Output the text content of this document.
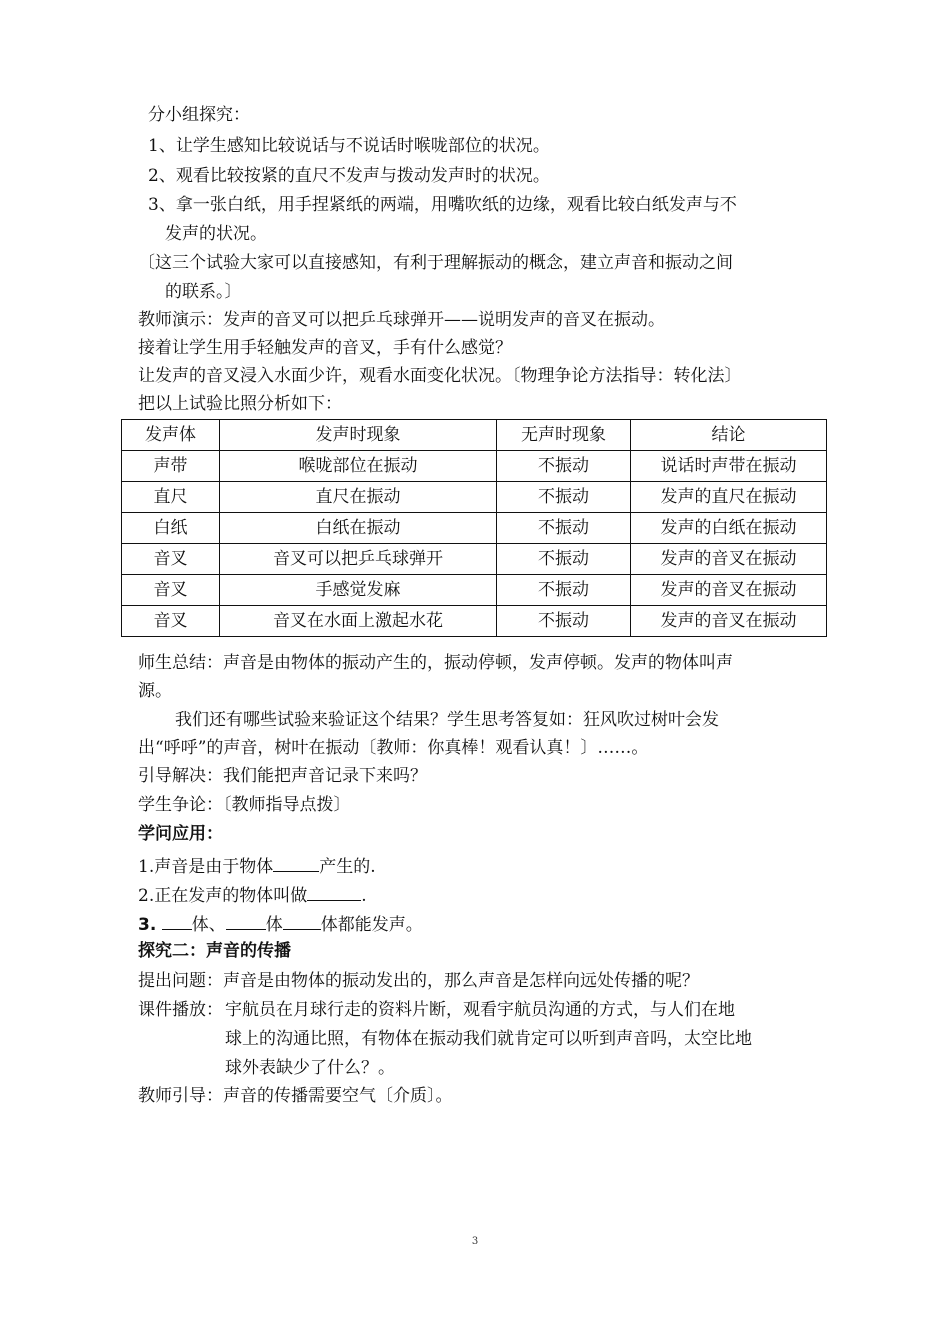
分小组探究：
1、让学生感知比较说话与不说话时喉咙部位的状况。
2、观看比较按紧的直尺不发声与拨动发声时的状况。
3、拿一张白纸，用手捏紧纸的两端，用嘴吹纸的边缘，观看比较白纸发声与不
发声的状况。
〔这三个试验大家可以直接感知，有利于理解振动的概念，建立声音和振动之间
的联系。〕
教师演示：发声的音叉可以把乒乓球弹开——说明发声的音叉在振动。
接着让学生用手轻触发声的音叉，手有什么感觉？
让发声的音叉浸入水面少许，观看水面变化状况。〔物理争论方法指导：转化法〕
把以上试验比照分析如下：
发声体	发声时现象	无声时现象	结论
声带	喉咙部位在振动	不振动	说话时声带在振动
直尺	直尺在振动	不振动	发声的直尺在振动
白纸	白纸在振动	不振动	发声的白纸在振动
音叉	音叉可以把乒乓球弹开	不振动	发声的音叉在振动
音叉	手感觉发麻	不振动	发声的音叉在振动
音叉	音叉在水面上激起水花	不振动	发声的音叉在振动
师生总结：声音是由物体的振动产生的，振动停顿，发声停顿。发声的物体叫声
源。
我们还有哪些试验来验证这个结果？学生思考答复如：狂风吹过树叶会发
出“呼呼”的声音，树叶在振动〔教师：你真棒！观看认真！〕……。
引导解决：我们能把声音记录下来吗？
学生争论：〔教师指导点拨〕
学问应用：
1.声音是由于物体	产生的.
2.正在发声的物体叫做	.
3. 体、 体 体都能发声。
探究二：声音的传播
提出问题：声音是由物体的振动发出的，那么声音是怎样向远处传播的呢？
课件播放： 宇航员在月球行走的资料片断，观看宇航员沟通的方式，与人们在地
球上的沟通比照，有物体在振动我们就肯定可以听到声音吗，太空比地
球外表缺少了什么？。
教师引导：声音的传播需要空气〔介质〕。
3
